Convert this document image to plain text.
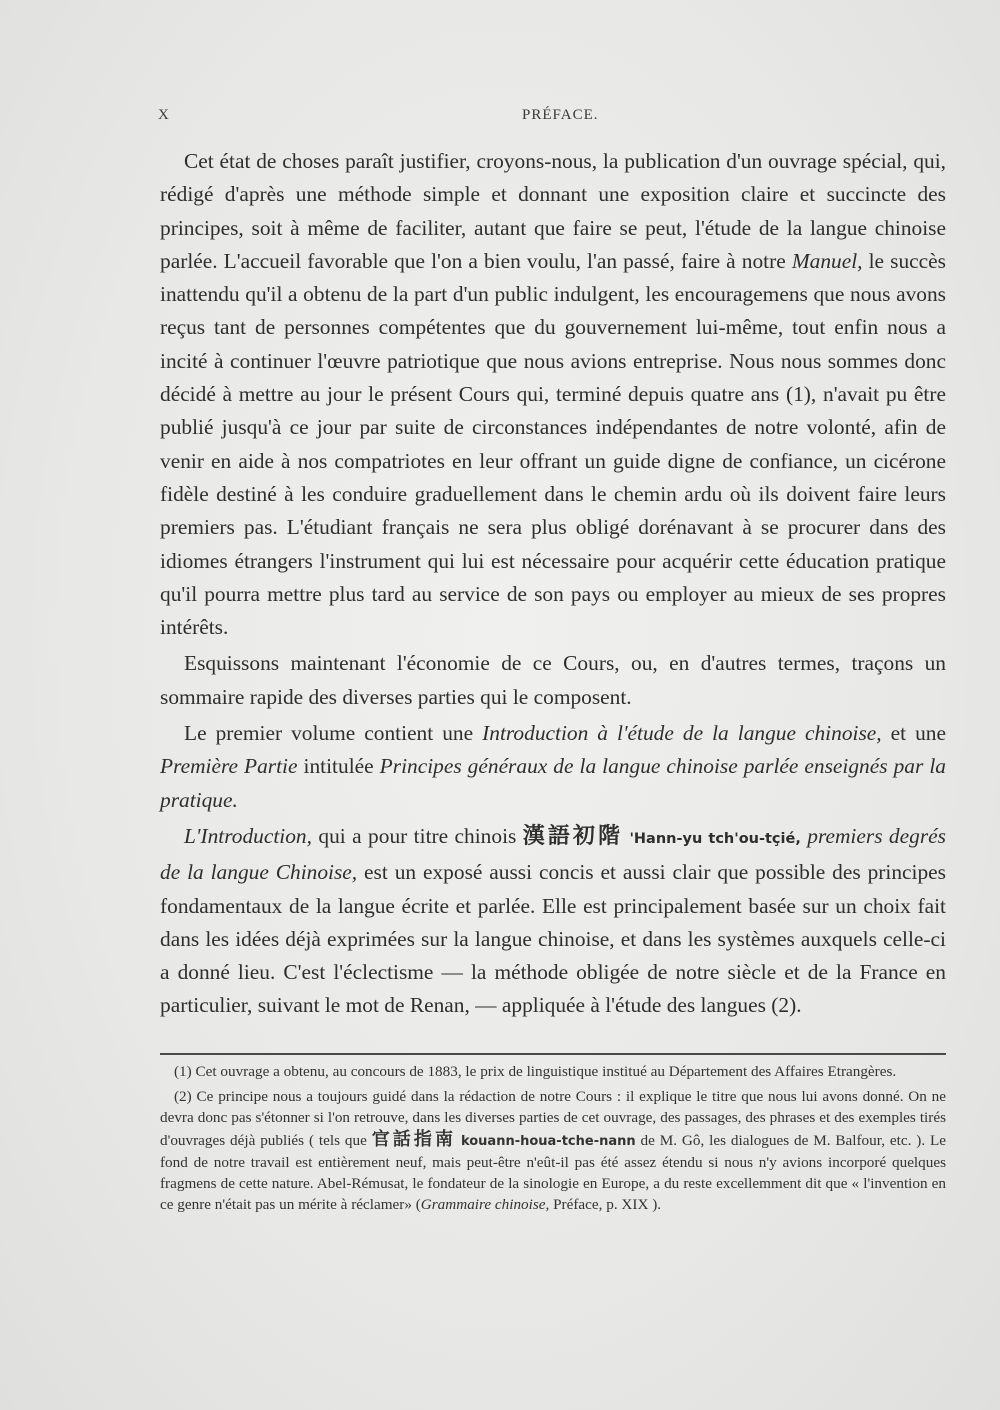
X	PRÉFACE.

Cet état de choses paraît justifier, croyons-nous, la publication d'un ouvrage spécial, qui, rédigé d'après une méthode simple et donnant une exposition claire et succincte des principes, soit à même de faciliter, autant que faire se peut, l'étude de la langue chinoise parlée. L'accueil favorable que l'on a bien voulu, l'an passé, faire à notre Manuel, le succès inattendu qu'il a obtenu de la part d'un public indulgent, les encouragemens que nous avons reçus tant de personnes compétentes que du gouvernement lui-même, tout enfin nous a incité à continuer l'œuvre patriotique que nous avions entreprise. Nous nous sommes donc décidé à mettre au jour le présent Cours qui, terminé depuis quatre ans (1), n'avait pu être publié jusqu'à ce jour par suite de circonstances indépendantes de notre volonté, afin de venir en aide à nos compatriotes en leur offrant un guide digne de confiance, un cicérone fidèle destiné à les conduire graduellement dans le chemin ardu où ils doivent faire leurs premiers pas. L'étudiant français ne sera plus obligé dorénavant à se procurer dans des idiomes étrangers l'instrument qui lui est nécessaire pour acquérir cette éducation pratique qu'il pourra mettre plus tard au service de son pays ou employer au mieux de ses propres intérêts.

Esquissons maintenant l'économie de ce Cours, ou, en d'autres termes, traçons un sommaire rapide des diverses parties qui le composent.

Le premier volume contient une Introduction à l'étude de la langue chinoise, et une Première Partie intitulée Principes généraux de la langue chinoise parlée enseignés par la pratique.

L'Introduction, qui a pour titre chinois 漢語初階 'Hann-yu tch'ou-tçié, premiers degrés de la langue Chinoise, est un exposé aussi concis et aussi clair que possible des principes fondamentaux de la langue écrite et parlée. Elle est principalement basée sur un choix fait dans les idées déjà exprimées sur la langue chinoise, et dans les systèmes auxquels celle-ci a donné lieu. C'est l'éclectisme — la méthode obligée de notre siècle et de la France en particulier, suivant le mot de Renan, — appliquée à l'étude des langues (2).

(1) Cet ouvrage a obtenu, au concours de 1883, le prix de linguistique institué au Département des Affaires Etrangères.

(2) Ce principe nous a toujours guidé dans la rédaction de notre Cours : il explique le titre que nous lui avons donné. On ne devra donc pas s'étonner si l'on retrouve, dans les diverses parties de cet ouvrage, des passages, des phrases et des exemples tirés d'ouvrages déjà publiés ( tels que 官話指南 kouann-houa-tche-nann de M. Gô, les dialogues de M. Balfour, etc. ). Le fond de notre travail est entièrement neuf, mais peut-être n'eût-il pas été assez étendu si nous n'y avions incorporé quelques fragmens de cette nature. Abel-Rémusat, le fondateur de la sinologie en Europe, a du reste excellemment dit que « l'invention en ce genre n'était pas un mérite à réclamer» (Grammaire chinoise, Préface, p. XIX ).
